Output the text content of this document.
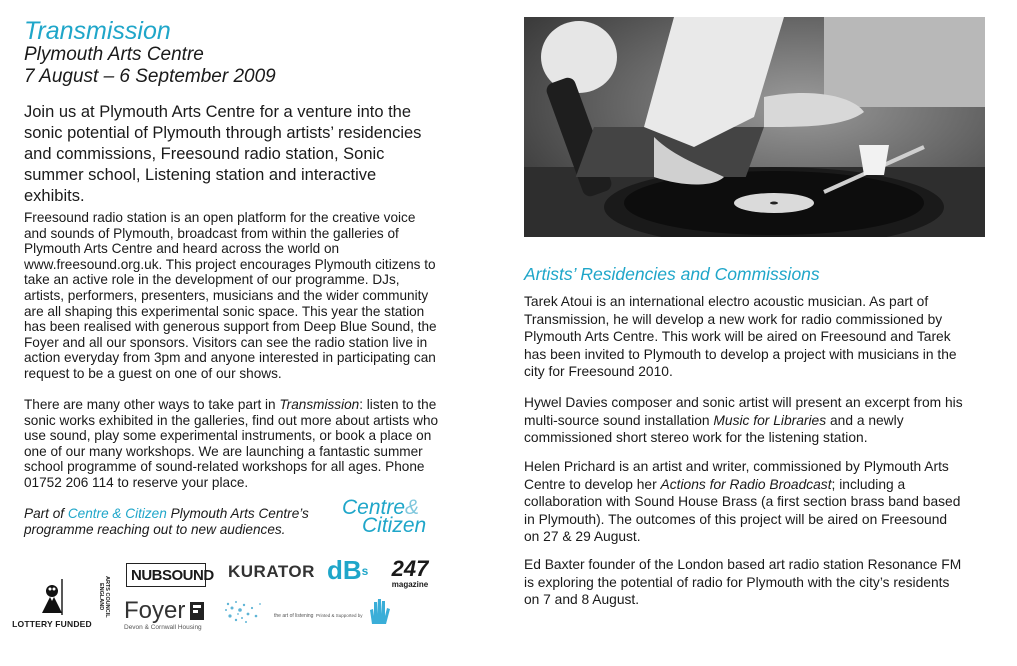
Transmission
Plymouth Arts Centre
7 August – 6 September 2009
Join us at Plymouth Arts Centre for a venture into the sonic potential of Plymouth through artists’ residencies and commissions, Freesound radio station, Sonic summer school, Listening station and interactive exhibits.

Freesound radio station is an open platform for the creative voice and sounds of Plymouth, broadcast from within the galleries of Plymouth Arts Centre and heard across the world on www.freesound.org.uk. This project encourages Plymouth citizens to take an active role in the development of our programme. DJs, artists, performers, presenters, musicians and the wider community are all shaping this experimental sonic space. This year the station has been realised with generous support from Deep Blue Sound, the Foyer and all our sponsors. Visitors can see the radio station live in action everyday from 3pm and anyone interested in participating can request to be a guest on one of our shows.

There are many other ways to take part in Transmission: listen to the sonic works exhibited in the galleries, find out more about artists who use sound, play some experimental instruments, or book a place on one of our many workshops. We are launching a fantastic summer school programme of sound-related workshops for all ages. Phone 01752 206 114 to reserve your place.

Part of Centre & Citizen Plymouth Arts Centre’s programme reaching out to new audiences.
Centre&
Citizen
LOTTERY FUNDED
ARTS COUNCIL ENGLAND
NUBSOUND KURATOR dB s 247
magazine
Foyer
Devon & Cornwall Housing
the art of listening Printed & Supported by
Artists’ Residencies and Commissions

Tarek Atoui is an international electro acoustic musician. As part of Transmission, he will develop a new work for radio commissioned by Plymouth Arts Centre. This work will be aired on Freesound and Tarek has been invited to Plymouth to develop a project with musicians in the city for Freesound 2010.

Hywel Davies composer and sonic artist will present an excerpt from his multi-source sound installation Music for Libraries and a newly commissioned short stereo work for the listening station.

Helen Prichard is an artist and writer, commissioned by Plymouth Arts Centre to develop her Actions for Radio Broadcast; including a collaboration with Sound House Brass (a first section brass band based in Plymouth). The outcomes of this project will be aired on Freesound on 27 & 29 August.

Ed Baxter founder of the London based art radio station Resonance FM is exploring the potential of radio for Plymouth with the city’s residents on 7 and 8 August.
